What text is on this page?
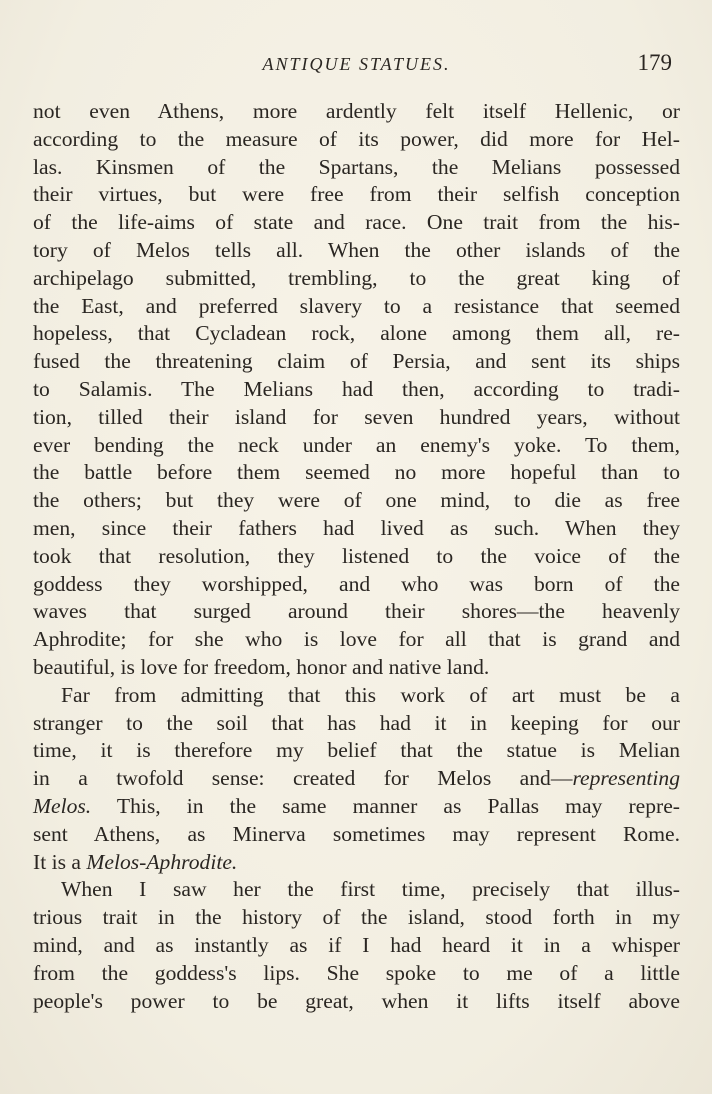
ANTIQUE STATUES.	179
not even Athens, more ardently felt itself Hellenic, or
according to the measure of its power, did more for Hel-
las. Kinsmen of the Spartans, the Melians possessed
their virtues, but were free from their selfish conception
of the life-aims of state and race. One trait from the his-
tory of Melos tells all. When the other islands of the
archipelago submitted, trembling, to the great king of
the East, and preferred slavery to a resistance that seemed
hopeless, that Cycladean rock, alone among them all, re-
fused the threatening claim of Persia, and sent its ships
to Salamis. The Melians had then, according to tradi-
tion, tilled their island for seven hundred years, without
ever bending the neck under an enemy's yoke. To them,
the battle before them seemed no more hopeful than to
the others; but they were of one mind, to die as free
men, since their fathers had lived as such. When they
took that resolution, they listened to the voice of the
goddess they worshipped, and who was born of the
waves that surged around their shores—the heavenly
Aphrodite; for she who is love for all that is grand and
beautiful, is love for freedom, honor and native land.
Far from admitting that this work of art must be a
stranger to the soil that has had it in keeping for our
time, it is therefore my belief that the statue is Melian
in a twofold sense: created for Melos and—representing
Melos. This, in the same manner as Pallas may repre-
sent Athens, as Minerva sometimes may represent Rome.
It is a Melos-Aphrodite.
When I saw her the first time, precisely that illus-
trious trait in the history of the island, stood forth in my
mind, and as instantly as if I had heard it in a whisper
from the goddess's lips. She spoke to me of a little
people's power to be great, when it lifts itself above
